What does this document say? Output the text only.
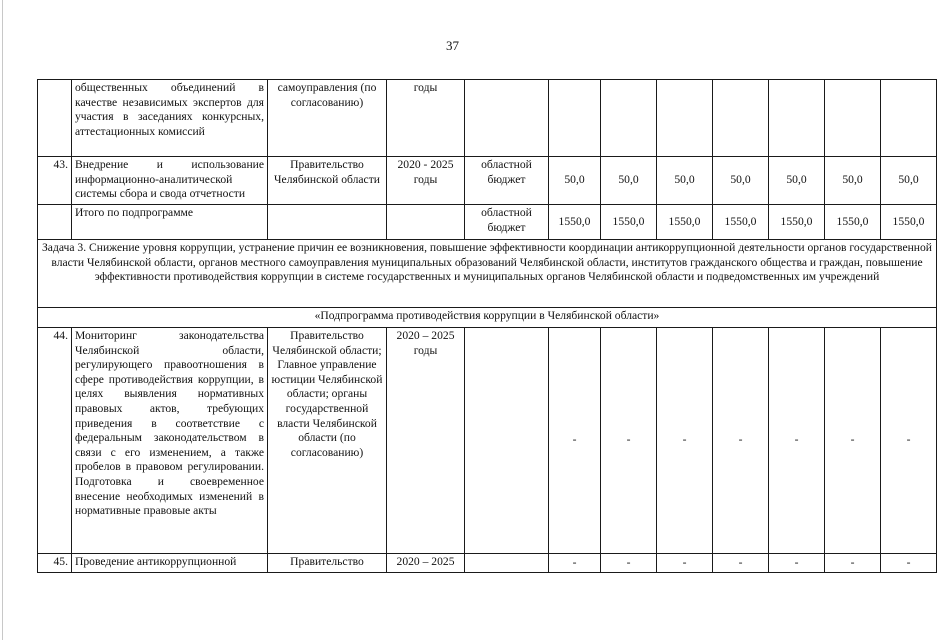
37
	общественных объединений в качестве независимых экспертов для участия в заседаниях конкурсных, аттестационных комиссий	самоуправления (по согласованию)	годы								
43.	Внедрение и использование информационно-аналитической системы сбора и свода отчетности	Правительство Челябинской области	2020 - 2025 годы	областной бюджет	50,0	50,0	50,0	50,0	50,0	50,0	50,0
	Итого по подпрограмме			областной бюджет	1550,0	1550,0	1550,0	1550,0	1550,0	1550,0	1550,0
Задача 3. Снижение уровня коррупции, устранение причин ее возникновения, повышение эффективности координации антикоррупционной деятельности органов государственной власти Челябинской области, органов местного самоуправления муниципальных образований Челябинской области, институтов гражданского общества и граждан, повышение эффективности противодействия коррупции в системе государственных и муниципальных органов Челябинской области и подведомственных им учреждений											
«Подпрограмма противодействия коррупции в Челябинской области»											
44.	Мониторинг законодательства Челябинской области, регулирующего правоотношения в сфере противодействия коррупции, в целях выявления нормативных правовых актов, требующих приведения в соответствие с федеральным законодательством в связи с его изменением, а также пробелов в правовом регулировании. Подготовка и своевременное внесение необходимых изменений в нормативные правовые акты	Правительство Челябинской области; Главное управление юстиции Челябинской области; органы государственной власти Челябинской области (по согласованию)	2020 – 2025 годы		-	-	-	-	-	-	-
45.	Проведение антикоррупционной	Правительство	2020 – 2025		-	-	-	-	-	-	-
